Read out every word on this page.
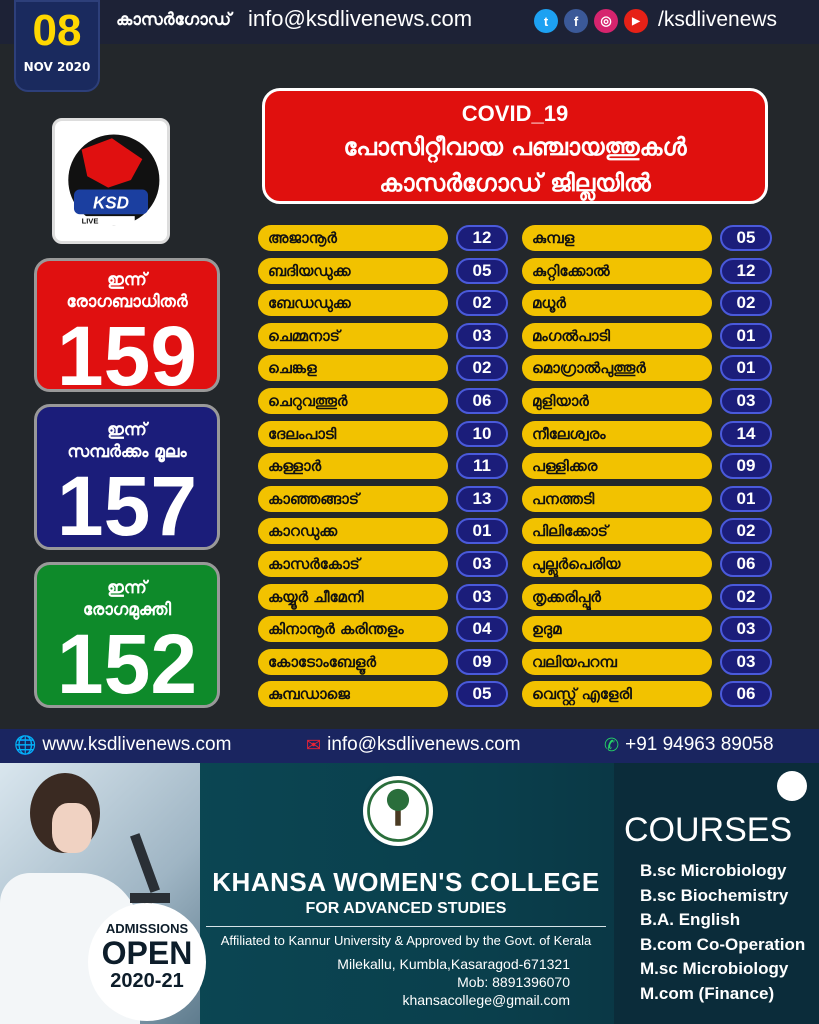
കാസർഗോഡ് info@ksdlivenews.com	t	f	◎	▶ /ksdlivenews
08
NOV 2020
KSD
LIVE
ഇന്ന്
രോഗബാധിതർ
159
ഇന്ന്
സമ്പർക്കം മൂലം
157
ഇന്ന്
രോഗമുക്തി
152
COVID_19
പോസിറ്റീവായ പഞ്ചായത്തുകൾ
കാസർഗോഡ് ജില്ലയിൽ
അജാനൂർ	12
ബദിയഡുക്ക	05
ബേഡഡുക്ക	02
ചെമ്മനാട്	03
ചെങ്കള	02
ചെറുവത്തൂർ	06
ദേലംപാടി	10
കള്ളാർ	11
കാഞ്ഞങ്ങാട്	13
കാറഡുക്ക	01
കാസർകോട്	03
കയ്യൂർ ചീമേനി	03
കിനാനൂർ കരിന്തളം	04
കോടോംബേളൂർ	09
കുമ്പഡാജെ	05
കുമ്പള	05
കുറ്റിക്കോൽ	12
മധൂർ	02
മംഗൽപാടി	01
മൊഗ്രാൽപുത്തൂർ	01
മുളിയാർ	03
നീലേശ്വരം	14
പള്ളിക്കര	09
പനത്തടി	01
പിലിക്കോട്	02
പുല്ലൂർപെരിയ	06
തൃക്കരിപ്പൂർ	02
ഉദുമ	03
വലിയപറമ്പ	03
വെസ്റ്റ് എളേരി	06
🌐 www.ksdlivenews.com	✉ info@ksdlivenews.com	✆ +91 94963 89058
KHANSA WOMEN'S COLLEGE
FOR ADVANCED STUDIES
Affiliated to Kannur University & Approved by the Govt. of Kerala
Milekallu, Kumbla,Kasaragod-671321
Mob: 8891396070
khansacollege@gmail.com
ADMISSIONS
OPEN
2020-21
COURSES
B.sc Microbiology
B.sc Biochemistry
B.A. English
B.com Co-Operation
M.sc Microbiology
M.com (Finance)
